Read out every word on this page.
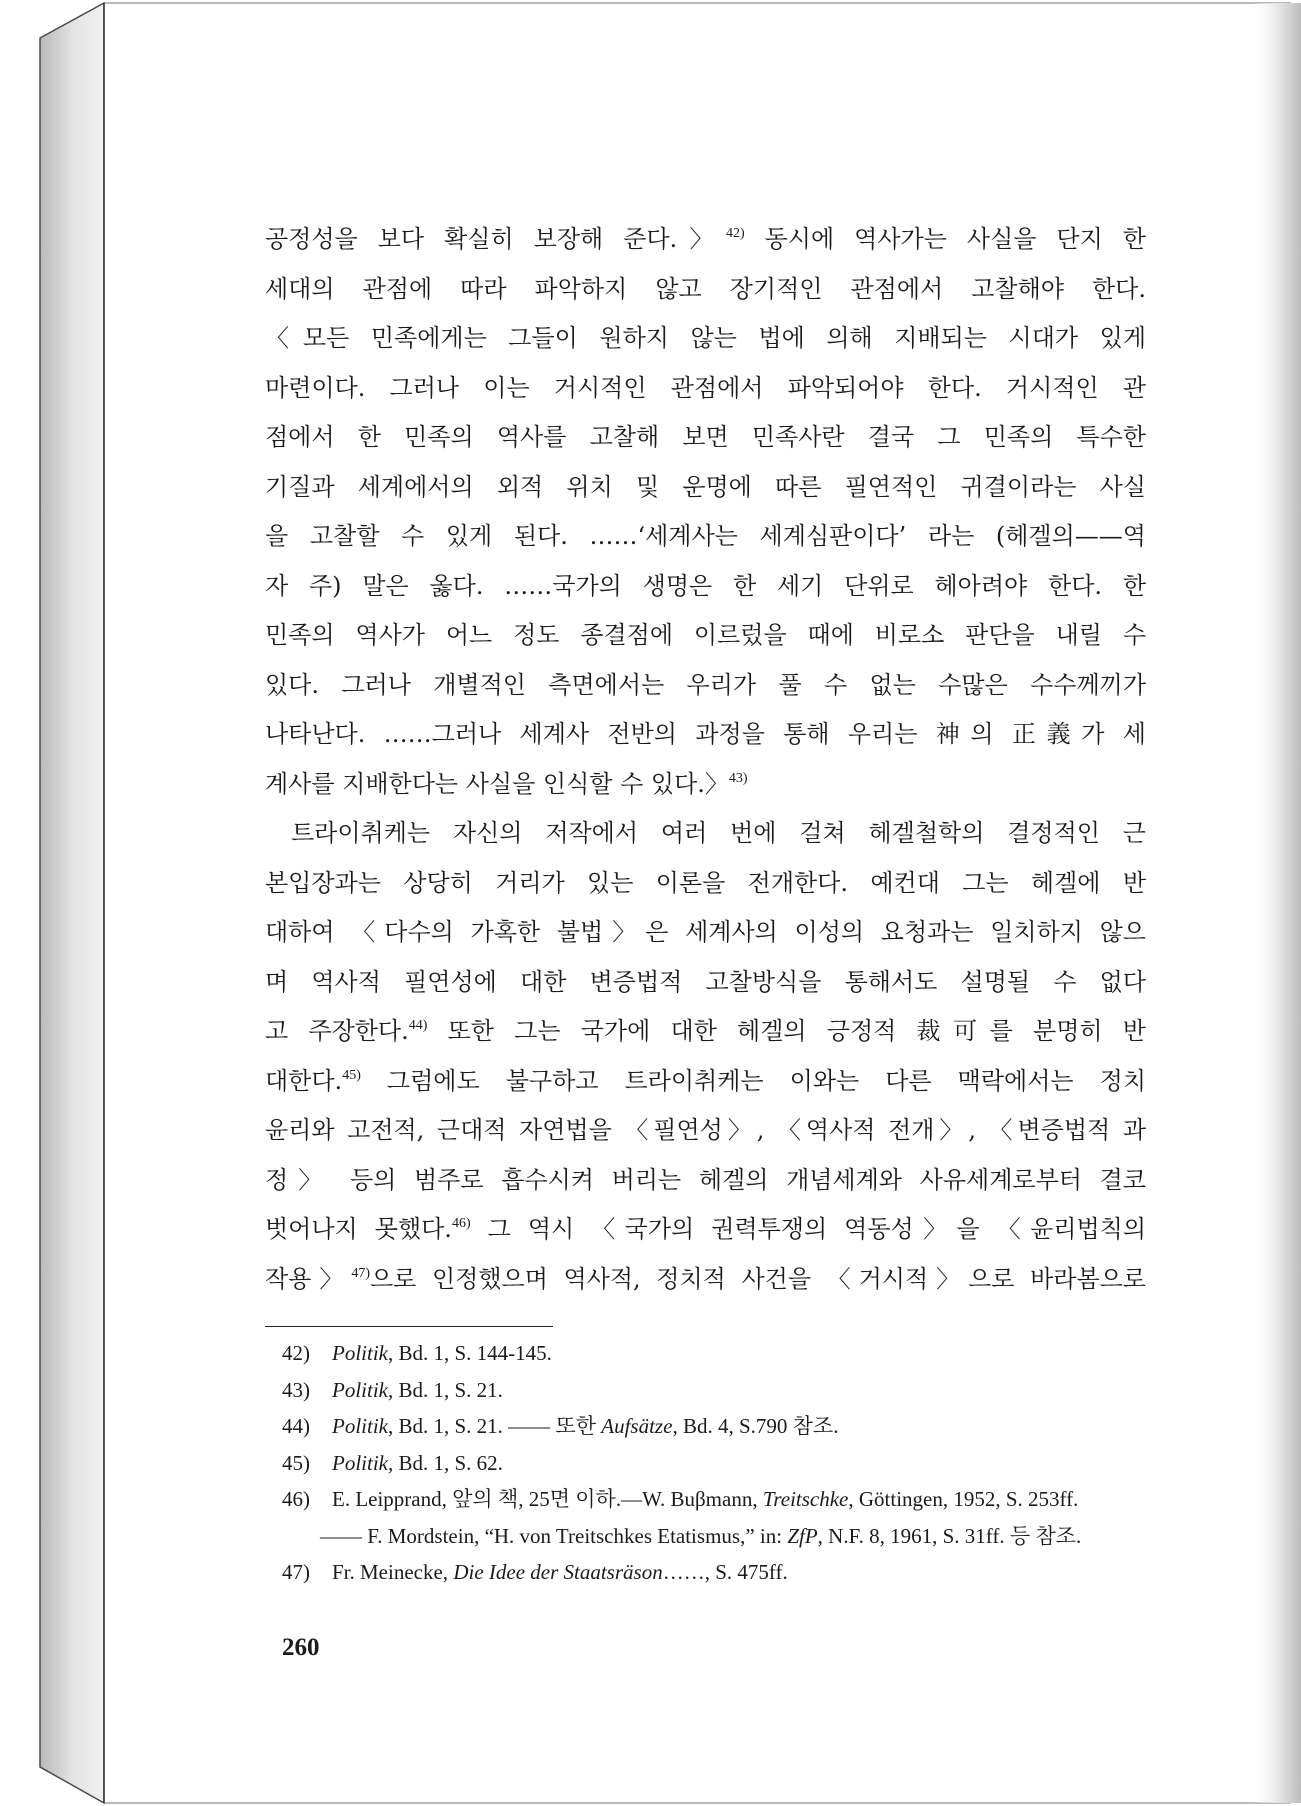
공정성을 보다 확실히 보장해 준다.〉$^{42)}$ 동시에 역사가는 사실을 단지 한
세대의 관점에 따라 파악하지 않고 장기적인 관점에서 고찰해야 한다.
〈모든 민족에게는 그들이 원하지 않는 법에 의해 지배되는 시대가 있게
마련이다. 그러나 이는 거시적인 관점에서 파악되어야 한다. 거시적인 관
점에서 한 민족의 역사를 고찰해 보면 민족사란 결국 그 민족의 특수한
기질과 세계에서의 외적 위치 및 운명에 따른 필연적인 귀결이라는 사실
을 고찰할 수 있게 된다. ……‘세계사는 세계심판이다’ 라는 (헤겔의——역
자 주) 말은 옳다. ……국가의 생명은 한 세기 단위로 헤아려야 한다. 한
민족의 역사가 어느 정도 종결점에 이르렀을 때에 비로소 판단을 내릴 수
있다. 그러나 개별적인 측면에서는 우리가 풀 수 없는 수많은 수수께끼가
나타난다. ……그러나 세계사 전반의 과정을 통해 우리는 神의 正義가 세
계사를 지배한다는 사실을 인식할 수 있다.〉$^{43)}$
트라이취케는 자신의 저작에서 여러 번에 걸쳐 헤겔철학의 결정적인 근
본입장과는 상당히 거리가 있는 이론을 전개한다. 예컨대 그는 헤겔에 반
대하여 〈다수의 가혹한 불법〉은 세계사의 이성의 요청과는 일치하지 않으
며 역사적 필연성에 대한 변증법적 고찰방식을 통해서도 설명될 수 없다
고 주장한다.$^{44)}$ 또한 그는 국가에 대한 헤겔의 긍정적 裁可를 분명히 반
대한다.$^{45)}$ 그럼에도 불구하고 트라이취케는 이와는 다른 맥락에서는 정치
윤리와 고전적, 근대적 자연법을 〈필연성〉, 〈역사적 전개〉, 〈변증법적 과
정〉 등의 범주로 흡수시켜 버리는 헤겔의 개념세계와 사유세계로부터 결코
벗어나지 못했다.$^{46)}$ 그 역시 〈국가의 권력투쟁의 역동성〉을 〈윤리법칙의
작용〉$^{47)}$으로 인정했으며 역사적, 정치적 사건을 〈거시적〉으로 바라봄으로
42)	Politik, Bd. 1, S. 144-145.
43)	Politik, Bd. 1, S. 21.
44)	Politik, Bd. 1, S. 21. —— 또한 Aufsätze, Bd. 4, S.790 참조.
45)	Politik, Bd. 1, S. 62.
46)	E. Leipprand, 앞의 책, 25면 이하.—W. Buβmann, Treitschke, Göttingen, 1952, S. 253ff.
—— F. Mordstein, “H. von Treitschkes Etatismus,” in: ZfP, N.F. 8, 1961, S. 31ff. 등 참조.
47)	Fr. Meinecke, Die Idee der Staatsräson……, S. 475ff.
260
